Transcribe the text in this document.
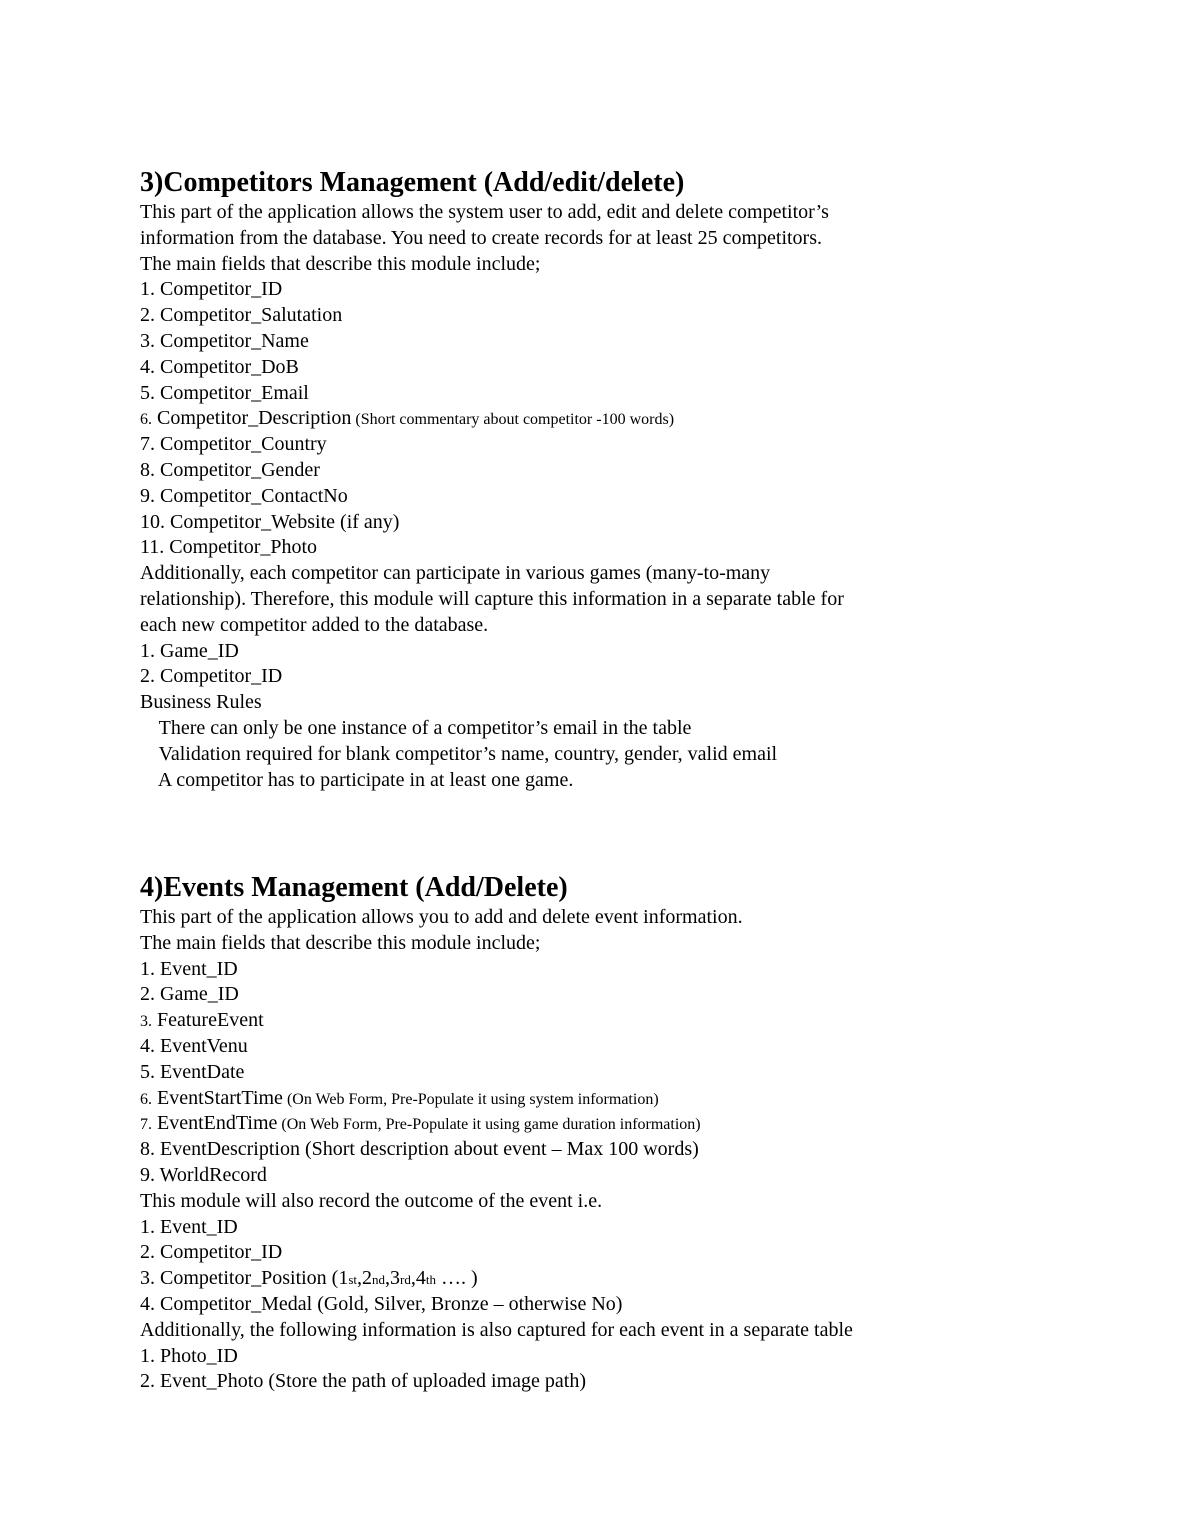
3)Competitors Management (Add/edit/delete)
This part of the application allows the system user to add, edit and delete competitor’s
information from the database. You need to create records for at least 25 competitors.
The main fields that describe this module include;
1. Competitor_ID
2. Competitor_Salutation
3. Competitor_Name
4. Competitor_DoB
5. Competitor_Email
6. Competitor_Description (Short commentary about competitor -100 words)
7. Competitor_Country
8. Competitor_Gender
9. Competitor_ContactNo
10. Competitor_Website (if any)
11. Competitor_Photo
Additionally, each competitor can participate in various games (many-to-many
relationship). Therefore, this module will capture this information in a separate table for
each new competitor added to the database.
1. Game_ID
2. Competitor_ID
Business Rules
There can only be one instance of a competitor’s email in the table
Validation required for blank competitor’s name, country, gender, valid email
A competitor has to participate in at least one game.
4)Events Management (Add/Delete)
This part of the application allows you to add and delete event information.
The main fields that describe this module include;
1. Event_ID
2. Game_ID
3. FeatureEvent
4. EventVenu
5. EventDate
6. EventStartTime (On Web Form, Pre-Populate it using system information)
7. EventEndTime (On Web Form, Pre-Populate it using game duration information)
8. EventDescription (Short description about event – Max 100 words)
9. WorldRecord
This module will also record the outcome of the event i.e.
1. Event_ID
2. Competitor_ID
3. Competitor_Position (1st,2nd,3rd,4th …. )
4. Competitor_Medal (Gold, Silver, Bronze – otherwise No)
Additionally, the following information is also captured for each event in a separate table
1. Photo_ID
2. Event_Photo (Store the path of uploaded image path)
